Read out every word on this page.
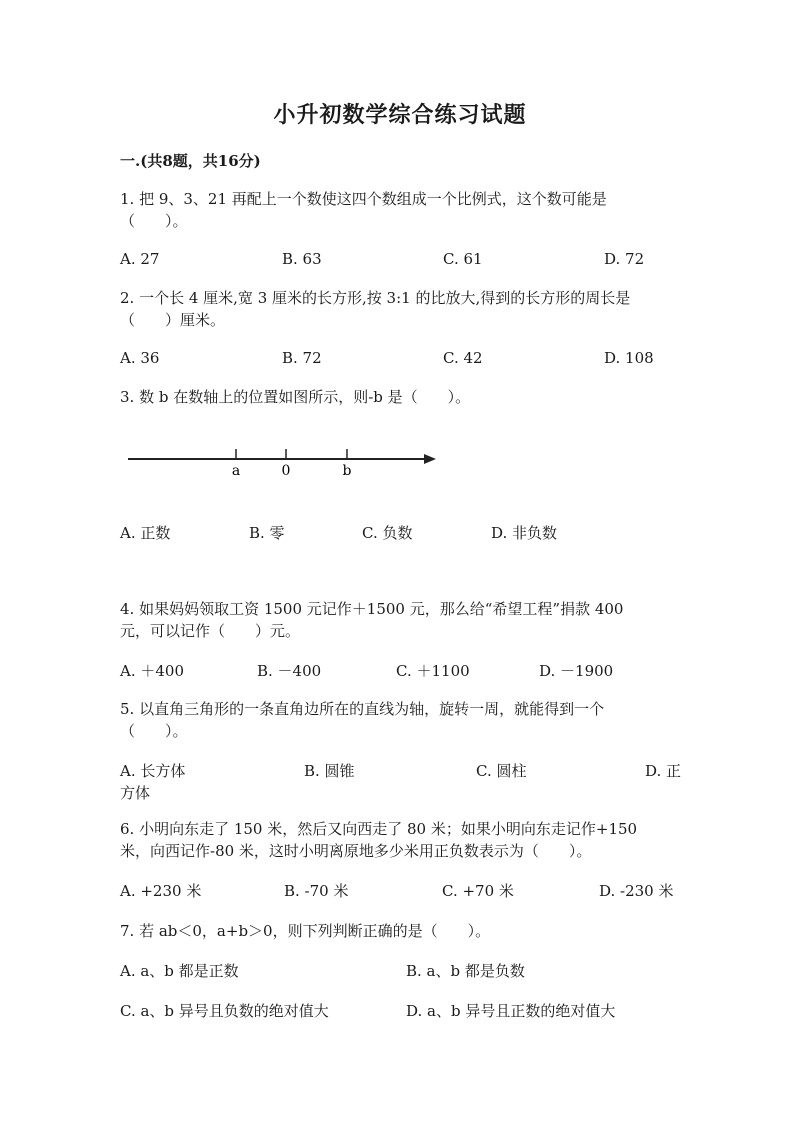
小升初数学综合练习试题
一.(共8题，共16分)
1. 把 9、3、21 再配上一个数使这四个数组成一个比例式，这个数可能是
（　　）。
A. 27	B. 63	C. 61	D. 72
2. 一个长 4 厘米,宽 3 厘米的长方形,按 3:1 的比放大,得到的长方形的周长是
（　　）厘米。
A. 36	B. 72	C. 42	D. 108
3. 数 b 在数轴上的位置如图所示，则-b 是（　　）。
a	0	b
A. 正数	B. 零	C. 负数	D. 非负数
4. 如果妈妈领取工资 1500 元记作＋1500 元，那么给“希望工程”捐款 400
元，可以记作（　　）元。
A. ＋400	B. －400	C. ＋1100	D. －1900
5. 以直角三角形的一条直角边所在的直线为轴，旋转一周，就能得到一个
（　　）。
A. 长方体	B. 圆锥	C. 圆柱	D. 正
方体
6. 小明向东走了 150 米，然后又向西走了 80 米；如果小明向东走记作+150
米，向西记作-80 米，这时小明离原地多少米用正负数表示为（　　）。
A. +230 米	B. -70 米	C. +70 米	D. -230 米
7. 若 ab＜0，a+b＞0，则下列判断正确的是（　　）。
A. a、b 都是正数	B. a、b 都是负数
C. a、b 异号且负数的绝对值大	D. a、b 异号且正数的绝对值大
